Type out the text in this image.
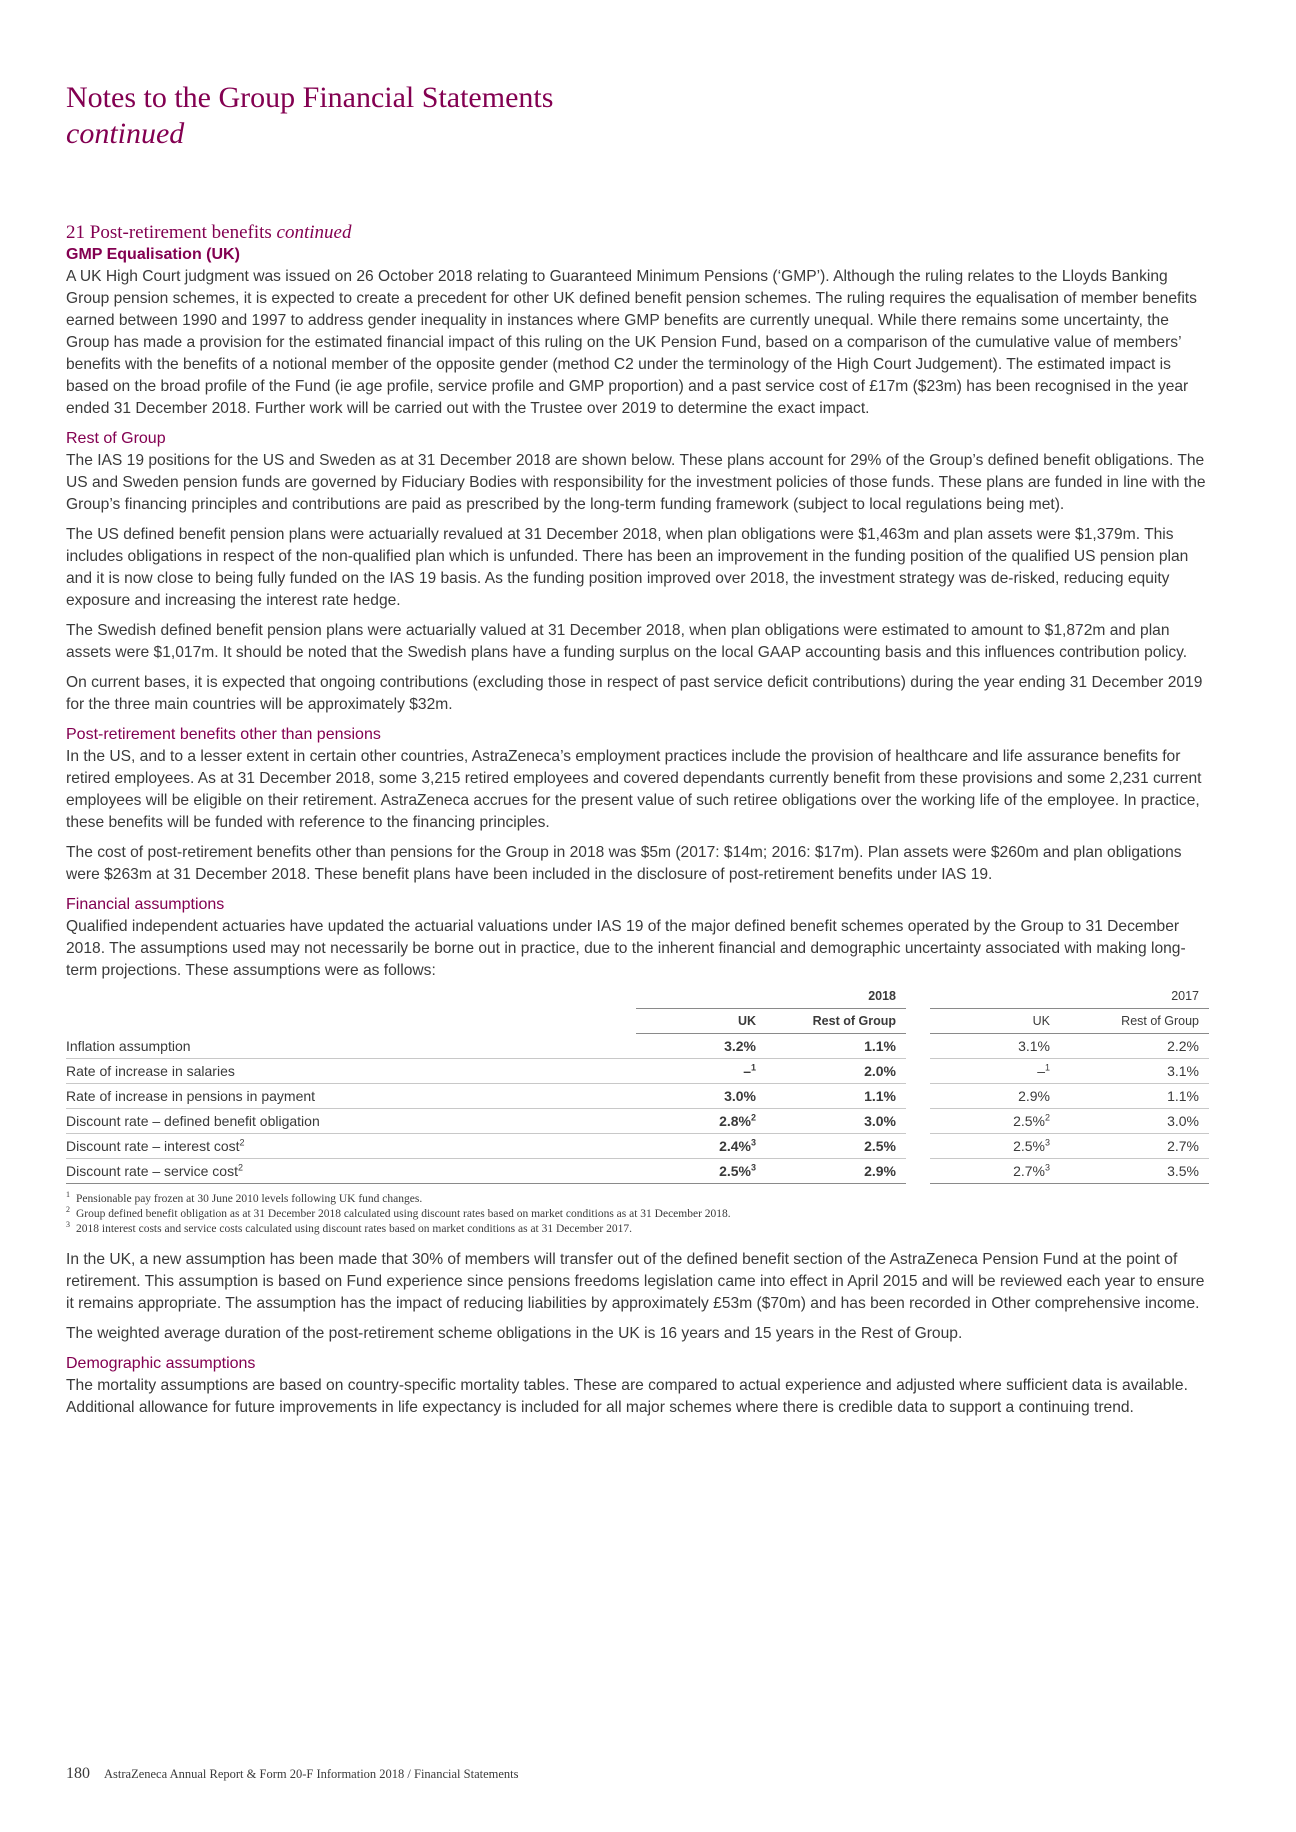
Notes to the Group Financial Statements
continued
21 Post-retirement benefits continued
GMP Equalisation (UK)

A UK High Court judgment was issued on 26 October 2018 relating to Guaranteed Minimum Pensions (‘GMP’). Although the ruling relates to the Lloyds Banking Group pension schemes, it is expected to create a precedent for other UK defined benefit pension schemes. The ruling requires the equalisation of member benefits earned between 1990 and 1997 to address gender inequality in instances where GMP benefits are currently unequal. While there remains some uncertainty, the Group has made a provision for the estimated financial impact of this ruling on the UK Pension Fund, based on a comparison of the cumulative value of members’ benefits with the benefits of a notional member of the opposite gender (method C2 under the terminology of the High Court Judgement). The estimated impact is based on the broad profile of the Fund (ie age profile, service profile and GMP proportion) and a past service cost of £17m ($23m) has been recognised in the year ended 31 December 2018. Further work will be carried out with the Trustee over 2019 to determine the exact impact.

Rest of Group

The IAS 19 positions for the US and Sweden as at 31 December 2018 are shown below. These plans account for 29% of the Group’s defined benefit obligations. The US and Sweden pension funds are governed by Fiduciary Bodies with responsibility for the investment policies of those funds. These plans are funded in line with the Group’s financing principles and contributions are paid as prescribed by the long-term funding framework (subject to local regulations being met).

The US defined benefit pension plans were actuarially revalued at 31 December 2018, when plan obligations were $1,463m and plan assets were $1,379m. This includes obligations in respect of the non-qualified plan which is unfunded. There has been an improvement in the funding position of the qualified US pension plan and it is now close to being fully funded on the IAS 19 basis. As the funding position improved over 2018, the investment strategy was de-risked, reducing equity exposure and increasing the interest rate hedge.

The Swedish defined benefit pension plans were actuarially valued at 31 December 2018, when plan obligations were estimated to amount to $1,872m and plan assets were $1,017m. It should be noted that the Swedish plans have a funding surplus on the local GAAP accounting basis and this influences contribution policy.

On current bases, it is expected that ongoing contributions (excluding those in respect of past service deficit contributions) during the year ending 31 December 2019 for the three main countries will be approximately $32m.

Post-retirement benefits other than pensions

In the US, and to a lesser extent in certain other countries, AstraZeneca’s employment practices include the provision of healthcare and life assurance benefits for retired employees. As at 31 December 2018, some 3,215 retired employees and covered dependants currently benefit from these provisions and some 2,231 current employees will be eligible on their retirement. AstraZeneca accrues for the present value of such retiree obligations over the working life of the employee. In practice, these benefits will be funded with reference to the financing principles.

The cost of post-retirement benefits other than pensions for the Group in 2018 was $5m (2017: $14m; 2016: $17m). Plan assets were $260m and plan obligations were $263m at 31 December 2018. These benefit plans have been included in the disclosure of post-retirement benefits under IAS 19.

Financial assumptions

Qualified independent actuaries have updated the actuarial valuations under IAS 19 of the major defined benefit schemes operated by the Group to 31 December 2018. The assumptions used may not necessarily be borne out in practice, due to the inherent financial and demographic uncertainty associated with making long-term projections. These assumptions were as follows:

	2018			2017	
	UK	Rest of Group		UK	Rest of Group
Inflation assumption	3.2%	1.1%		3.1%	2.2%
Rate of increase in salaries	–$^1$	2.0%		–$^1$	3.1%
Rate of increase in pensions in payment	3.0%	1.1%		2.9%	1.1%
Discount rate – defined benefit obligation	2.8%$^2$	3.0%		2.5%$^2$	3.0%
Discount rate – interest cost$^2$	2.4%$^3$	2.5%		2.5%$^3$	2.7%
Discount rate – service cost$^2$	2.5%$^3$	2.9%		2.7%$^3$	3.5%
$^1$ Pensionable pay frozen at 30 June 2010 levels following UK fund changes.
$^2$ Group defined benefit obligation as at 31 December 2018 calculated using discount rates based on market conditions as at 31 December 2018.
$^3$ 2018 interest costs and service costs calculated using discount rates based on market conditions as at 31 December 2017.

In the UK, a new assumption has been made that 30% of members will transfer out of the defined benefit section of the AstraZeneca Pension Fund at the point of retirement. This assumption is based on Fund experience since pensions freedoms legislation came into effect in April 2015 and will be reviewed each year to ensure it remains appropriate. The assumption has the impact of reducing liabilities by approximately £53m ($70m) and has been recorded in Other comprehensive income.

The weighted average duration of the post-retirement scheme obligations in the UK is 16 years and 15 years in the Rest of Group.

Demographic assumptions

The mortality assumptions are based on country-specific mortality tables. These are compared to actual experience and adjusted where sufficient data is available. Additional allowance for future improvements in life expectancy is included for all major schemes where there is credible data to support a continuing trend.

180 AstraZeneca Annual Report & Form 20-F Information 2018 / Financial Statements
